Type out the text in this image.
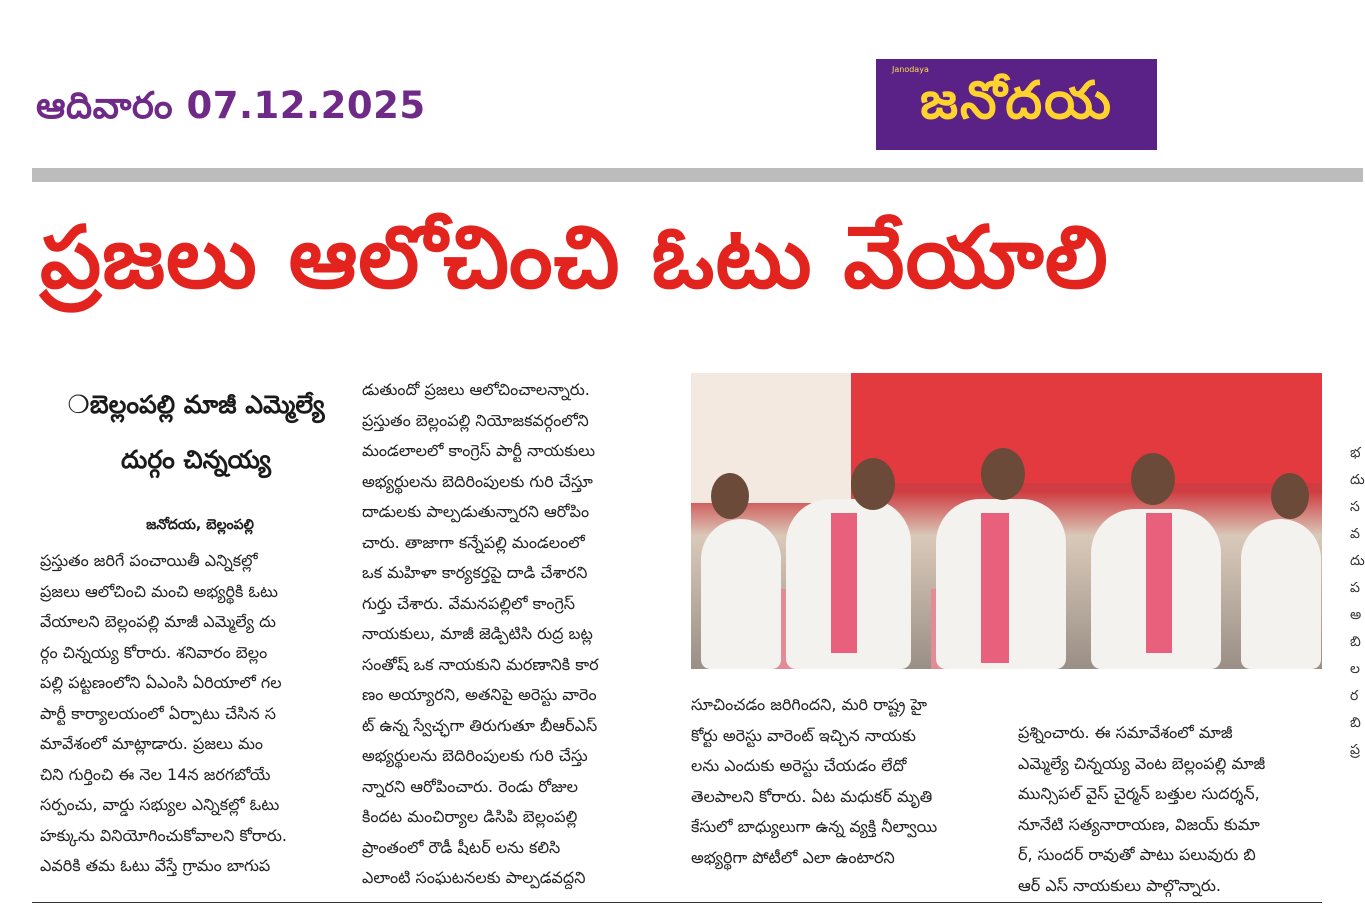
ఆదివారం 07.12.2025
Janodaya
జనోదయ
ప్రజలు ఆలోచించి ఓటు వేయాలి
❍బెల్లంపల్లి మాజీ ఎమ్మెల్యే
దుర్గం చిన్నయ్య
జనోదయ, బెల్లంపల్లి
ప్రస్తుతం జరిగే పంచాయితీ ఎన్నికల్లో
ప్రజలు ఆలోచించి మంచి అభ్యర్థికి ఓటు
వేయాలని బెల్లంపల్లి మాజీ ఎమ్మెల్యే దు
ర్గం చిన్నయ్య కోరారు. శనివారం బెల్లం
పల్లి పట్టణంలోని ఏఎంసి ఏరియాలో గల
పార్టీ కార్యాలయంలో ఏర్పాటు చేసిన స
మావేశంలో మాట్లాడారు. ప్రజలు మం
చిని గుర్తించి ఈ నెల 14న జరగబోయే
సర్పంచు, వార్డు సభ్యుల ఎన్నికల్లో ఓటు
హక్కును వినియోగించుకోవాలని కోరారు.
ఎవరికి తమ ఓటు వేస్తే గ్రామం బాగుప
డుతుందో ప్రజలు ఆలోచించాలన్నారు.
ప్రస్తుతం బెల్లంపల్లి నియోజకవర్గంలోని
మండలాలలో కాంగ్రెస్ పార్టీ నాయకులు
అభ్యర్థులను బెదిరింపులకు గురి చేస్తూ
దాడులకు పాల్పడుతున్నారని ఆరోపిం
చారు. తాజాగా కన్నేపల్లి మండలంలో
ఒక మహిళా కార్యకర్తపై దాడి చేశారని
గుర్తు చేశారు. వేమనపల్లిలో కాంగ్రెస్
నాయకులు, మాజీ జెడ్పిటిసి రుద్ర బట్ల
సంతోష్ ఒక నాయకుని మరణానికి కార
ణం అయ్యారని, అతనిపై అరెస్టు వారెం
ట్ ఉన్న స్వేచ్ఛగా తిరుగుతూ బీఆర్ఎస్
అభ్యర్థులను బెదిరింపులకు గురి చేస్తు
న్నారని ఆరోపించారు. రెండు రోజుల
కిందట మంచిర్యాల డిసిపి బెల్లంపల్లి
ప్రాంతంలో రౌడీ షీటర్ లను కలిసి
ఎలాంటి సంఘటనలకు పాల్పడవద్దని
సూచించడం జరిగిందని, మరి రాష్ట్ర హై
కోర్టు అరెస్టు వారెంట్ ఇచ్చిన నాయకు
లను ఎందుకు అరెస్టు చేయడం లేదో
తెలపాలని కోరారు. ఏట మధుకర్ మృతి
కేసులో బాధ్యులుగా ఉన్న వ్యక్తి నీల్వాయి
అభ్యర్థిగా పోటీలో ఎలా ఉంటారని
ప్రశ్నించారు. ఈ సమావేశంలో మాజీ
ఎమ్మెల్యే చిన్నయ్య వెంట బెల్లంపల్లి మాజీ
మున్సిపల్ వైస్ చైర్మన్ బత్తుల సుదర్శన్,
నూనేటి సత్యనారాయణ, విజయ్ కుమా
ర్, సుందర్ రావుతో పాటు పలువురు బి
ఆర్ ఎస్ నాయకులు పాల్గొన్నారు.
భ
దు
స
వ
దు
ప
అ
బి
ల
ర
బి
ప్ర
